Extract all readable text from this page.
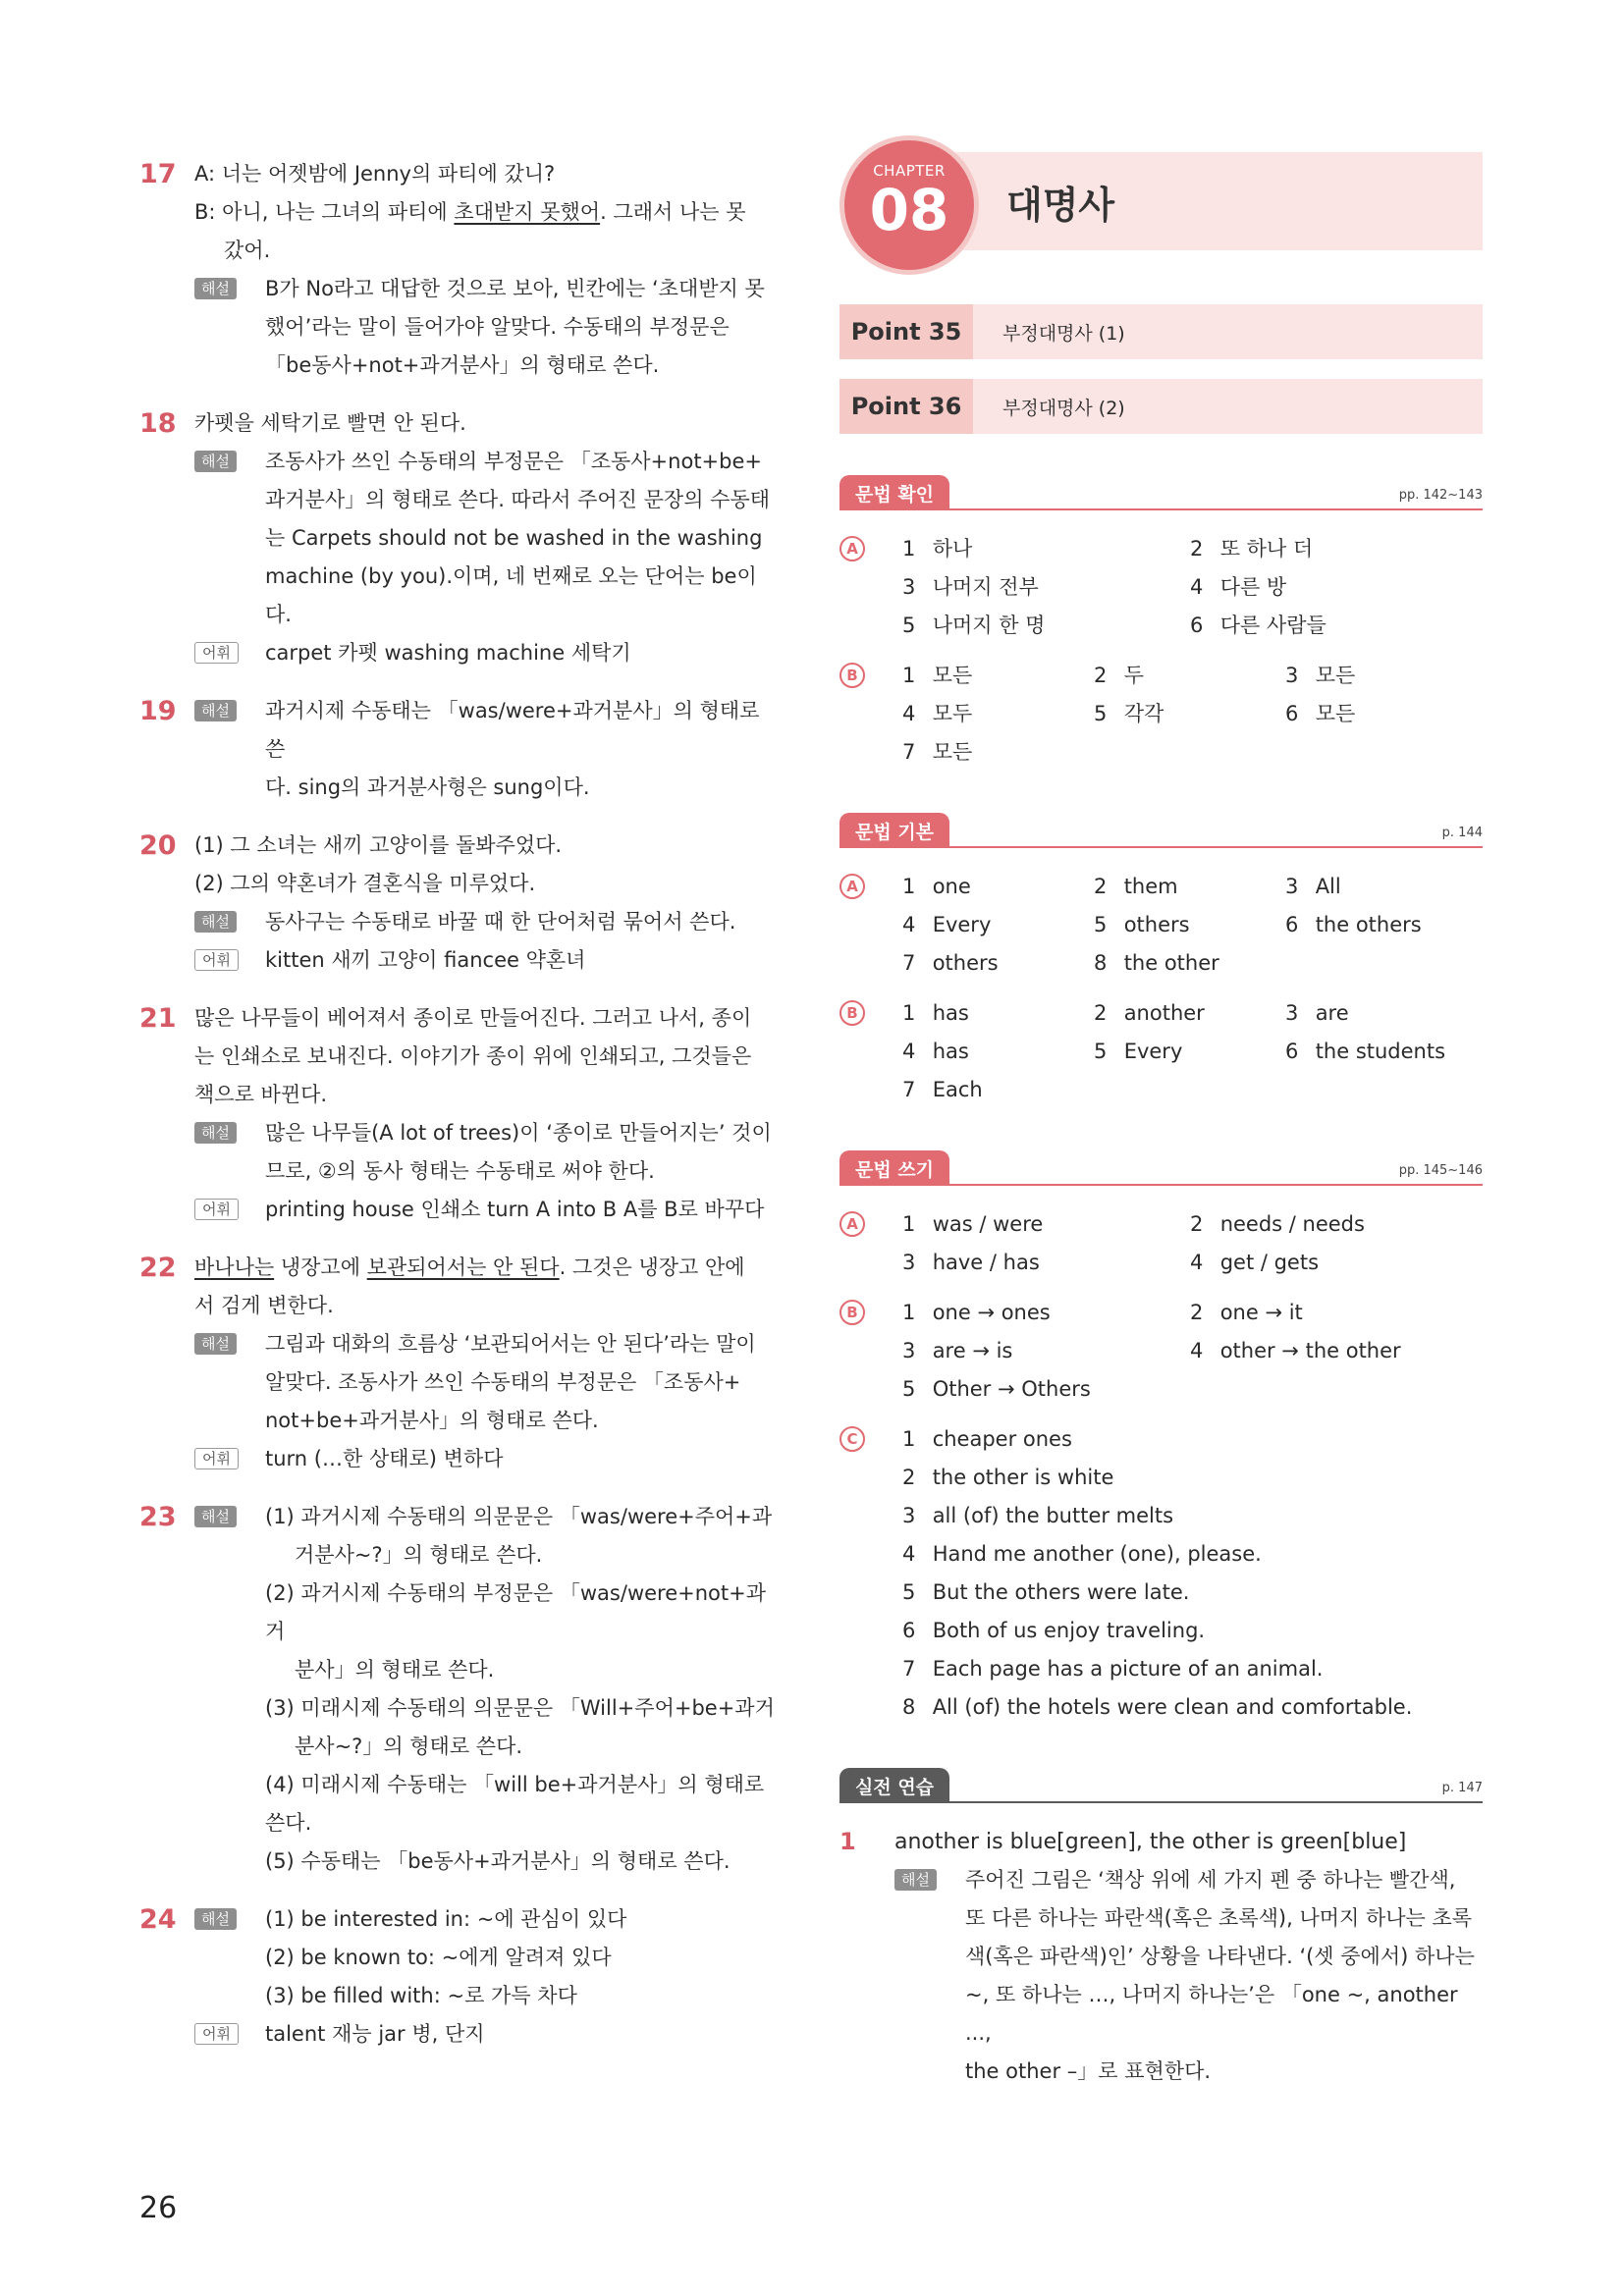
17 A: 너는 어젯밤에 Jenny의 파티에 갔니?
B: 아니, 나는 그녀의 파티에 초대받지 못했어. 그래서 나는 못
갔어.
해설	B가 No라고 대답한 것으로 보아, 빈칸에는 ‘초대받지 못
했어’라는 말이 들어가야 알맞다. 수동태의 부정문은
「be동사+not+과거분사」의 형태로 쓴다.
18 카펫을 세탁기로 빨면 안 된다.
해설	조동사가 쓰인 수동태의 부정문은 「조동사+not+be+
과거분사」의 형태로 쓴다. 따라서 주어진 문장의 수동태
는 Carpets should not be washed in the washing
machine (by you).이며, 네 번째로 오는 단어는 be이다.
어휘	carpet 카펫 washing machine 세탁기
19	해설	과거시제 수동태는 「was/were+과거분사」의 형태로 쓴
다. sing의 과거분사형은 sung이다.
20 (1) 그 소녀는 새끼 고양이를 돌봐주었다.
(2) 그의 약혼녀가 결혼식을 미루었다.
해설	동사구는 수동태로 바꿀 때 한 단어처럼 묶어서 쓴다.
어휘	kitten 새끼 고양이 fiancee 약혼녀
21 많은 나무들이 베어져서 종이로 만들어진다. 그러고 나서, 종이
는 인쇄소로 보내진다. 이야기가 종이 위에 인쇄되고, 그것들은
책으로 바뀐다.
해설	많은 나무들(A lot of trees)이 ‘종이로 만들어지는’ 것이
므로, ②의 동사 형태는 수동태로 써야 한다.
어휘	printing house 인쇄소 turn A into B A를 B로 바꾸다
22 바나나는 냉장고에 보관되어서는 안 된다. 그것은 냉장고 안에
서 검게 변한다.
해설	그림과 대화의 흐름상 ‘보관되어서는 안 된다’라는 말이
알맞다. 조동사가 쓰인 수동태의 부정문은 「조동사+
not+be+과거분사」의 형태로 쓴다.
어휘	turn (…한 상태로) 변하다
23	해설	(1) 과거시제 수동태의 의문문은 「was/were+주어+과
거분사~?」의 형태로 쓴다.
(2) 과거시제 수동태의 부정문은 「was/were+not+과거
분사」의 형태로 쓴다.
(3) 미래시제 수동태의 의문문은 「Will+주어+be+과거
분사~?」의 형태로 쓴다.
(4) 미래시제 수동태는 「will be+과거분사」의 형태로 쓴다.
(5) 수동태는 「be동사+과거분사」의 형태로 쓴다.
24	해설	(1) be interested in: ~에 관심이 있다
(2) be known to: ~에게 알려져 있다
(3) be filled with: ~로 가득 차다
어휘	talent 재능 jar 병, 단지
CHAPTER
08	대명사
Point 35	부정대명사 (1)
Point 36	부정대명사 (2)
문법 확인	pp. 142~143
A	1 하나	2 또 하나 더
3 나머지 전부	4 다른 방
5 나머지 한 명	6 다른 사람들
B	1 모든	2 두	3 모든
4 모두	5 각각	6 모든
7 모든
문법 기본	p. 144
A	1 one	2 them	3 All
4 Every	5 others	6 the others
7 others	8 the other
B	1 has	2 another	3 are
4 has	5 Every	6 the students
7 Each
문법 쓰기	pp. 145~146
A	1 was / were	2 needs / needs
3 have / has	4 get / gets
B	1 one → ones	2 one → it
3 are → is	4 other → the other
5 Other → Others
C	1 cheaper ones
2 the other is white
3 all (of) the butter melts
4 Hand me another (one), please.
5 But the others were late.
6 Both of us enjoy traveling.
7 Each page has a picture of an animal.
8 All (of) the hotels were clean and comfortable.
실전 연습	p. 147
1 another is blue[green], the other is green[blue]
해설	주어진 그림은 ‘책상 위에 세 가지 펜 중 하나는 빨간색,
또 다른 하나는 파란색(혹은 초록색), 나머지 하나는 초록
색(혹은 파란색)인’ 상황을 나타낸다. ‘(셋 중에서) 하나는
~, 또 하나는 …, 나머지 하나는’은 「one ~, another ...,
the other –」로 표현한다.
26
